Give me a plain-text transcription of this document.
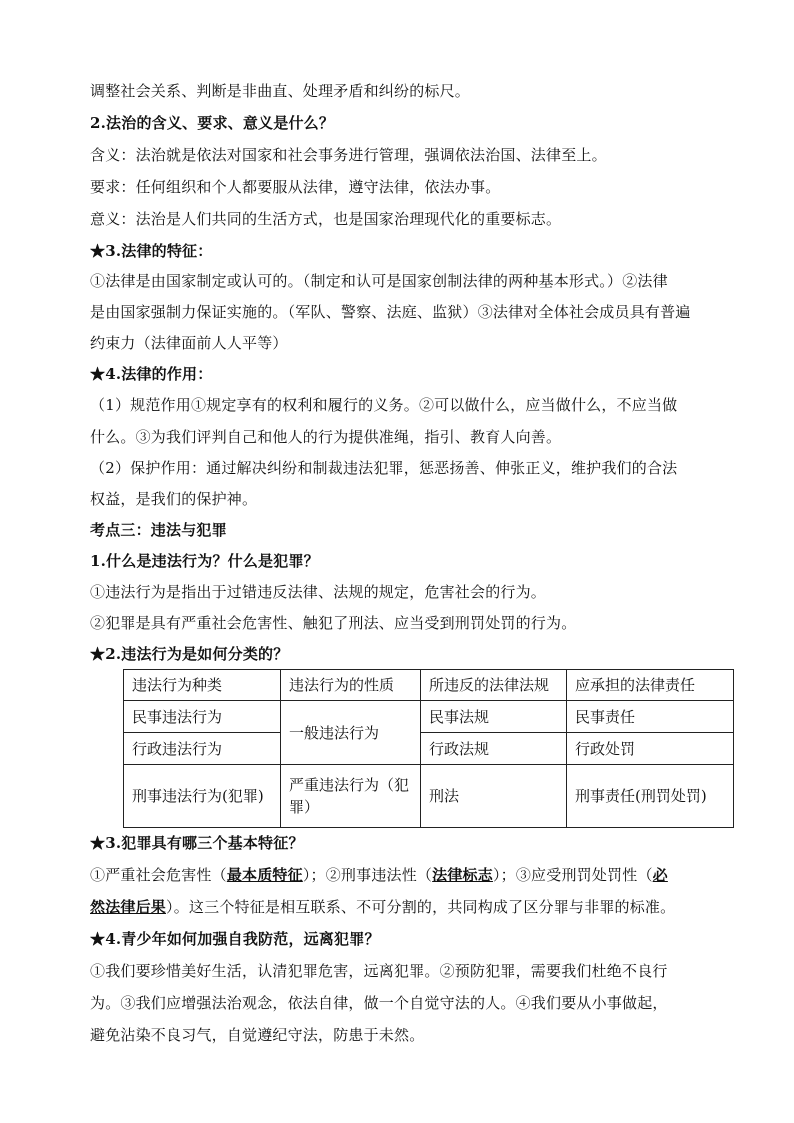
调整社会关系、判断是非曲直、处理矛盾和纠纷的标尺。
2.法治的含义、要求、意义是什么？
含义：法治就是依法对国家和社会事务进行管理，强调依法治国、法律至上。
要求：任何组织和个人都要服从法律，遵守法律，依法办事。
意义：法治是人们共同的生活方式，也是国家治理现代化的重要标志。
★3.法律的特征：
①法律是由国家制定或认可的。（制定和认可是国家创制法律的两种基本形式。）②法律
是由国家强制力保证实施的。（军队、警察、法庭、监狱）③法律对全体社会成员具有普遍
约束力（法律面前人人平等）
★4.法律的作用：
（1）规范作用①规定享有的权利和履行的义务。②可以做什么，应当做什么，不应当做
什么。③为我们评判自己和他人的行为提供准绳，指引、教育人向善。
（2）保护作用：通过解决纠纷和制裁违法犯罪，惩恶扬善、伸张正义，维护我们的合法
权益，是我们的保护神。
考点三：违法与犯罪
1.什么是违法行为？什么是犯罪？
①违法行为是指出于过错违反法律、法规的规定，危害社会的行为。
②犯罪是具有严重社会危害性、触犯了刑法、应当受到刑罚处罚的行为。
★2.违法行为是如何分类的？
违法行为种类	违法行为的性质	所违反的法律法规	应承担的法律责任
民事违法行为	一般违法行为	民事法规	民事责任
行政违法行为		行政法规	行政处罚
刑事违法行为(犯罪)	严重违法行为（犯罪）	刑法	刑事责任(刑罚处罚)
★3.犯罪具有哪三个基本特征？
①严重社会危害性（最本质特征）；②刑事违法性（法律标志）；③应受刑罚处罚性（必
然法律后果）。这三个特征是相互联系、不可分割的，共同构成了区分罪与非罪的标准。
★4.青少年如何加强自我防范，远离犯罪？
①我们要珍惜美好生活，认清犯罪危害，远离犯罪。②预防犯罪，需要我们杜绝不良行
为。③我们应增强法治观念，依法自律，做一个自觉守法的人。④我们要从小事做起，
避免沾染不良习气，自觉遵纪守法，防患于未然。
